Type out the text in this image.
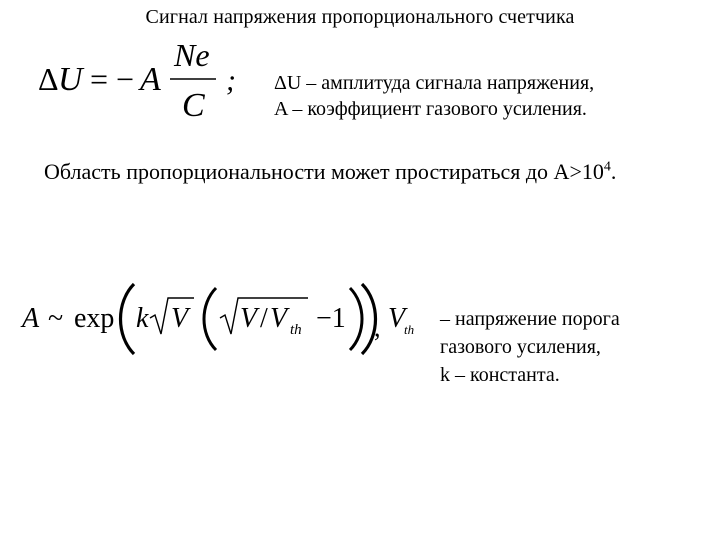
Сигнал напряжения пропорционального счетчика
Δ U = − A
Ne
C
; ΔU – амплитуда сигнала напряжения,
A – коэффициент газового усиления.
Область пропорциональности может простираться до $A>10^4$.
A ~ exp k V V / V th −1 , V
th – напряжение порога
газового усиления,
k – константа.
